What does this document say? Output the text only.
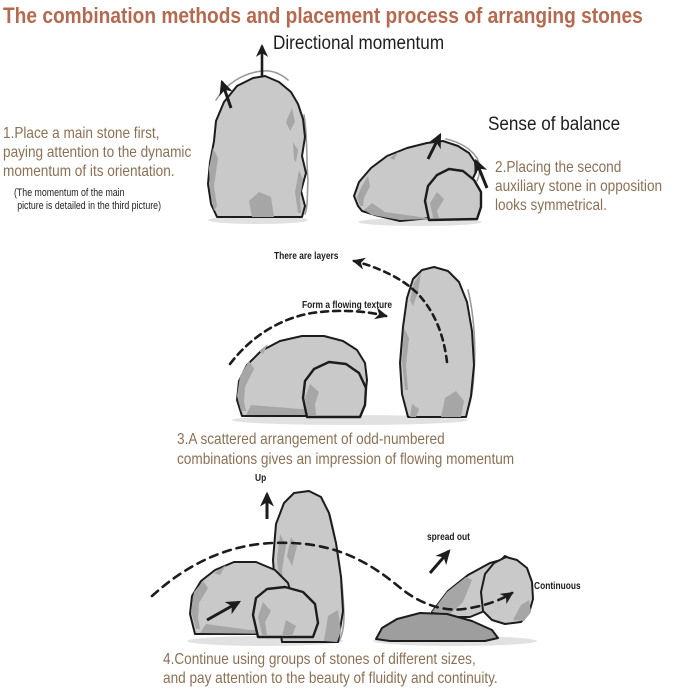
The combination methods and placement process of arranging stones
Directional momentum
1.Place a main stone first,
paying attention to the dynamic
momentum of its orientation.
(The momentum of the main
picture is detailed in the third picture)
Sense of balance
2.Placing the second
auxiliary stone in opposition
looks symmetrical.
There are layers
Form a flowing texture
3.A scattered arrangement of odd-numbered
combinations gives an impression of flowing momentum
Up
spread out
Continuous
4.Continue using groups of stones of different sizes,
and pay attention to the beauty of fluidity and continuity.
